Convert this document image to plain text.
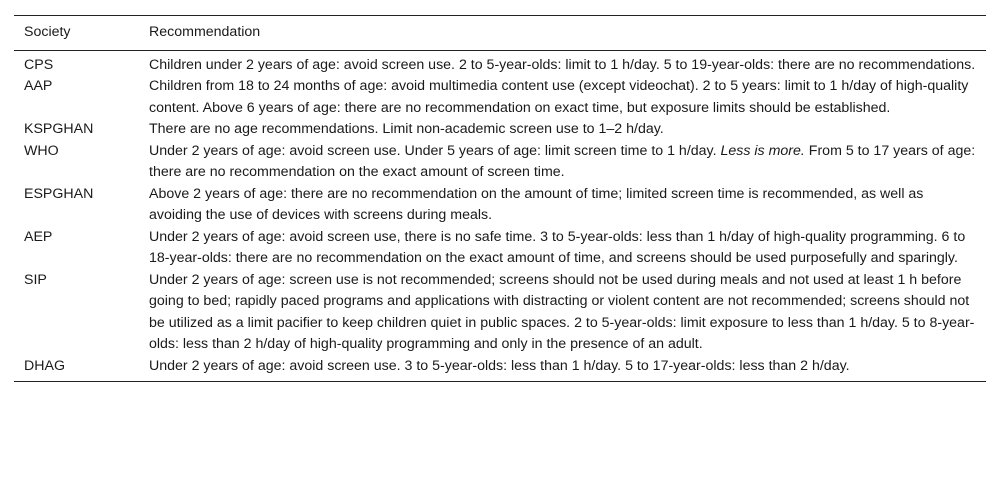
Society	Recommendation
CPS	Children under 2 years of age: avoid screen use. 2 to 5-year-olds: limit to 1 h/day. 5 to 19-year-olds: there are no recommendations.
AAP	Children from 18 to 24 months of age: avoid multimedia content use (except videochat). 2 to 5 years: limit to 1 h/day of high-quality content. Above 6 years of age: there are no recommendation on exact time, but exposure limits should be established.
KSPGHAN	There are no age recommendations. Limit non-academic screen use to 1–2 h/day.
WHO	Under 2 years of age: avoid screen use. Under 5 years of age: limit screen time to 1 h/day. Less is more. From 5 to 17 years of age: there are no recommendation on the exact amount of screen time.
ESPGHAN	Above 2 years of age: there are no recommendation on the amount of time; limited screen time is recommended, as well as avoiding the use of devices with screens during meals.
AEP	Under 2 years of age: avoid screen use, there is no safe time. 3 to 5-year-olds: less than 1 h/day of high-quality programming. 6 to 18-year-olds: there are no recommendation on the exact amount of time, and screens should be used purposefully and sparingly.
SIP	Under 2 years of age: screen use is not recommended; screens should not be used during meals and not used at least 1 h before going to bed; rapidly paced programs and applications with distracting or violent content are not recommended; screens should not be utilized as a limit pacifier to keep children quiet in public spaces. 2 to 5-year-olds: limit exposure to less than 1 h/day. 5 to 8-year-olds: less than 2 h/day of high-quality programming and only in the presence of an adult.
DHAG	Under 2 years of age: avoid screen use. 3 to 5-year-olds: less than 1 h/day. 5 to 17-year-olds: less than 2 h/day.
